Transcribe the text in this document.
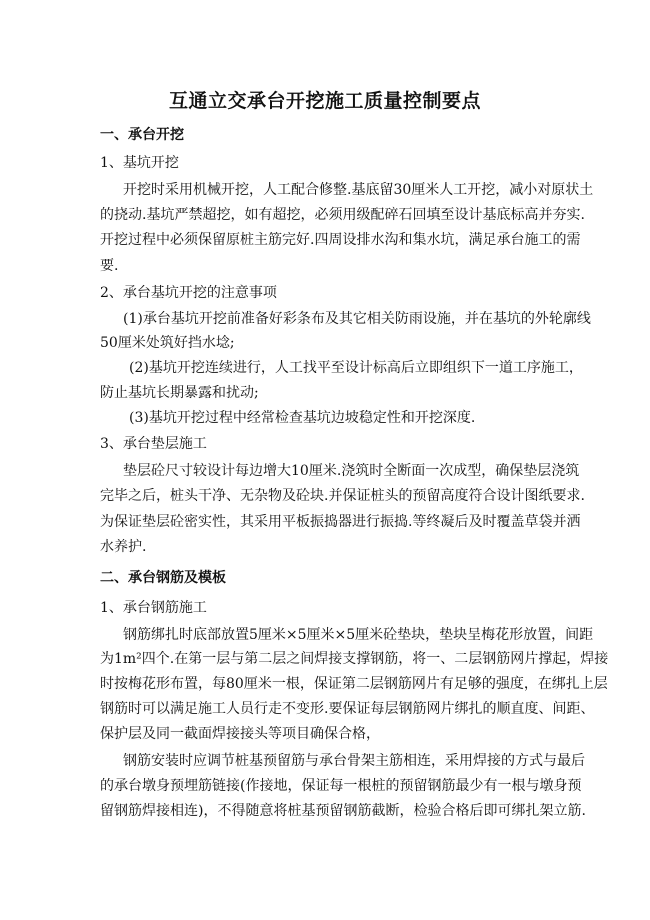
互通立交承台开挖施工质量控制要点
一、承台开挖
1、基坑开挖
开挖时采用机械开挖，人工配合修整.基底留30厘米人工开挖，减小对原状土
的挠动.基坑严禁超挖，如有超挖，必须用级配碎石回填至设计基底标高并夯实.
开挖过程中必须保留原桩主筋完好.四周设排水沟和集水坑，满足承台施工的需
要.
2、承台基坑开挖的注意事项
(1)承台基坑开挖前准备好彩条布及其它相关防雨设施，并在基坑的外轮廓线
50厘米处筑好挡水埝;
(2)基坑开挖连续进行，人工找平至设计标高后立即组织下一道工序施工，
防止基坑长期暴露和扰动;
(3)基坑开挖过程中经常检查基坑边坡稳定性和开挖深度.
3、承台垫层施工
垫层砼尺寸较设计每边增大10厘米.浇筑时全断面一次成型，确保垫层浇筑
完毕之后，桩头干净、无杂物及砼块.并保证桩头的预留高度符合设计图纸要求.
为保证垫层砼密实性，其采用平板振捣器进行振捣.等终凝后及时覆盖草袋并洒
水养护.
二、承台钢筋及模板
1、承台钢筋施工
钢筋绑扎时底部放置5厘米×5厘米×5厘米砼垫块，垫块呈梅花形放置，间距
为1m²四个.在第一层与第二层之间焊接支撑钢筋，将一、二层钢筋网片撑起，焊接
时按梅花形布置，每80厘米一根，保证第二层钢筋网片有足够的强度，在绑扎上层
钢筋时可以满足施工人员行走不变形.要保证每层钢筋网片绑扎的顺直度、间距、
保护层及同一截面焊接接头等项目确保合格，
钢筋安装时应调节桩基预留筋与承台骨架主筋相连，采用焊接的方式与最后
的承台墩身预埋筋链接(作接地，保证每一根桩的预留钢筋最少有一根与墩身预
留钢筋焊接相连)，不得随意将桩基预留钢筋截断，检验合格后即可绑扎架立筋.
